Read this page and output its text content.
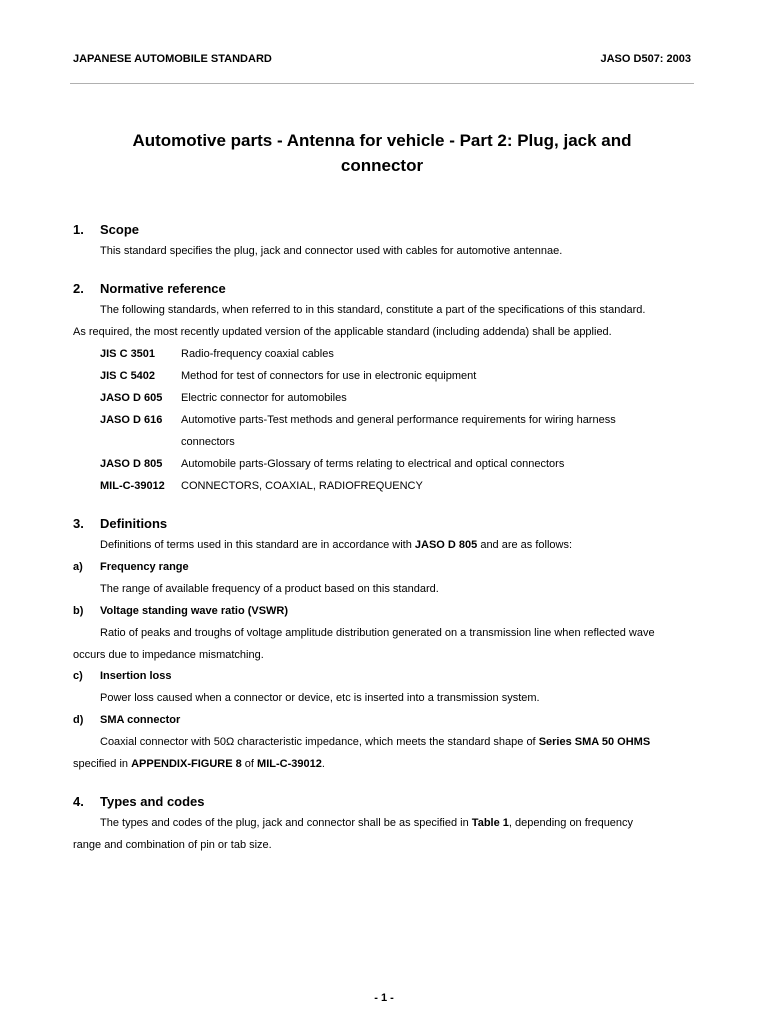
JAPANESE AUTOMOBILE STANDARD	JASO D507: 2003
Automotive parts - Antenna for vehicle - Part 2: Plug, jack and
connector
1. Scope
This standard specifies the plug, jack and connector used with cables for automotive antennae.
2. Normative reference
The following standards, when referred to in this standard, constitute a part of the specifications of this standard.
As required, the most recently updated version of the applicable standard (including addenda) shall be applied.
JIS C 3501 Radio-frequency coaxial cables
JIS C 5402 Method for test of connectors for use in electronic equipment
JASO D 605 Electric connector for automobiles
JASO D 616 Automotive parts-Test methods and general performance requirements for wiring harness
connectors
JASO D 805 Automobile parts-Glossary of terms relating to electrical and optical connectors
MIL-C-39012 CONNECTORS, COAXIAL, RADIOFREQUENCY
3. Definitions
Definitions of terms used in this standard are in accordance with JASO D 805 and are as follows:
a) Frequency range
The range of available frequency of a product based on this standard.
b) Voltage standing wave ratio (VSWR)
Ratio of peaks and troughs of voltage amplitude distribution generated on a transmission line when reflected wave
occurs due to impedance mismatching.
c) Insertion loss
Power loss caused when a connector or device, etc is inserted into a transmission system.
d) SMA connector
Coaxial connector with 50Ω characteristic impedance, which meets the standard shape of Series SMA 50 OHMS
specified in APPENDIX-FIGURE 8 of MIL-C-39012.
4. Types and codes
The types and codes of the plug, jack and connector shall be as specified in Table 1, depending on frequency
range and combination of pin or tab size.
- 1 -
